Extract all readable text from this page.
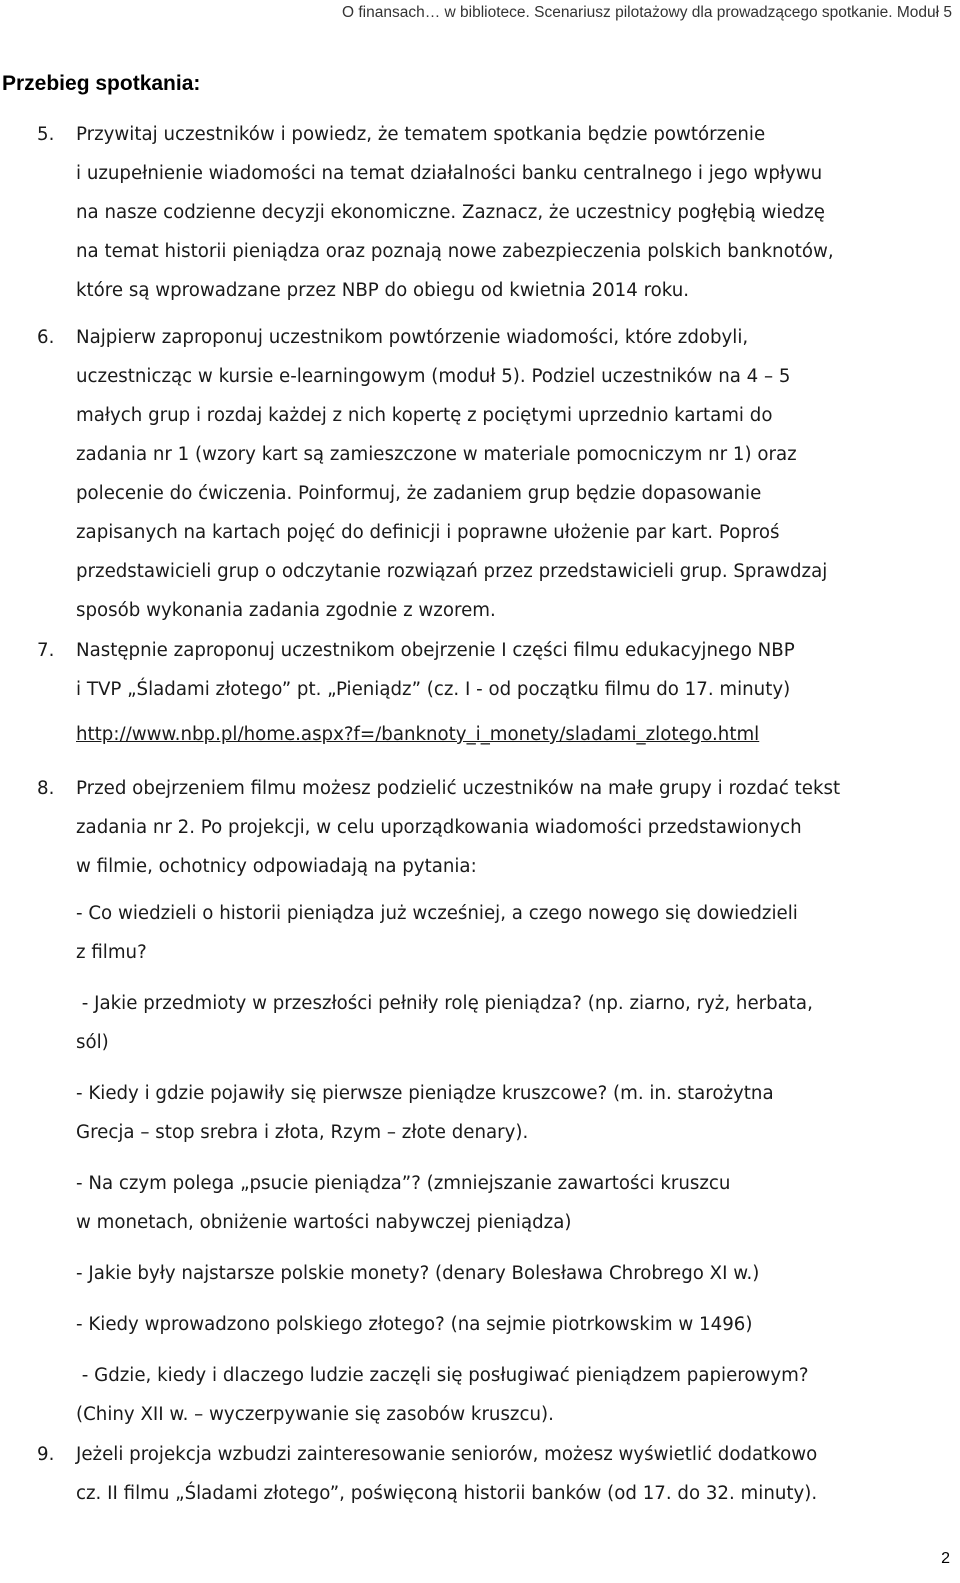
O finansach… w bibliotece. Scenariusz pilotażowy dla prowadzącego spotkanie. Moduł 5
Przebieg spotkania:
5. Przywitaj uczestników i powiedz, że tematem spotkania będzie powtórzenie

i uzupełnienie wiadomości na temat działalności banku centralnego i jego wpływu

na nasze codzienne decyzji ekonomiczne. Zaznacz, że uczestnicy pogłębią wiedzę

na temat historii pieniądza oraz poznają nowe zabezpieczenia polskich banknotów,

które są wprowadzane przez NBP do obiegu od kwietnia 2014 roku.

6. Najpierw zaproponuj uczestnikom powtórzenie wiadomości, które zdobyli,

uczestnicząc w kursie e-learningowym (moduł 5). Podziel uczestników na 4 – 5

małych grup i rozdaj każdej z nich kopertę z pociętymi uprzednio kartami do

zadania nr 1 (wzory kart są zamieszczone w materiale pomocniczym nr 1) oraz

polecenie do ćwiczenia. Poinformuj, że zadaniem grup będzie dopasowanie

zapisanych na kartach pojęć do definicji i poprawne ułożenie par kart. Poproś

przedstawicieli grup o odczytanie rozwiązań przez przedstawicieli grup. Sprawdzaj

sposób wykonania zadania zgodnie z wzorem.

7. Następnie zaproponuj uczestnikom obejrzenie I części filmu edukacyjnego NBP

i TVP „Śladami złotego” pt. „Pieniądz” (cz. I - od początku filmu do 17. minuty)

http://www.nbp.pl/home.aspx?f=/banknoty_i_monety/sladami_zlotego.html

8. Przed obejrzeniem filmu możesz podzielić uczestników na małe grupy i rozdać tekst

zadania nr 2. Po projekcji, w celu uporządkowania wiadomości przedstawionych

w filmie, ochotnicy odpowiadają na pytania:

- Co wiedzieli o historii pieniądza już wcześniej, a czego nowego się dowiedzieli

z filmu?

- Jakie przedmioty w przeszłości pełniły rolę pieniądza? (np. ziarno, ryż, herbata,

sól)

- Kiedy i gdzie pojawiły się pierwsze pieniądze kruszcowe? (m. in. starożytna

Grecja – stop srebra i złota, Rzym – złote denary).

- Na czym polega „psucie pieniądza”? (zmniejszanie zawartości kruszcu

w monetach, obniżenie wartości nabywczej pieniądza)

- Jakie były najstarsze polskie monety? (denary Bolesława Chrobrego XI w.)

- Kiedy wprowadzono polskiego złotego? (na sejmie piotrkowskim w 1496)

- Gdzie, kiedy i dlaczego ludzie zaczęli się posługiwać pieniądzem papierowym?

(Chiny XII w. – wyczerpywanie się zasobów kruszcu).

9. Jeżeli projekcja wzbudzi zainteresowanie seniorów, możesz wyświetlić dodatkowo

cz. II filmu „Śladami złotego”, poświęconą historii banków (od 17. do 32. minuty).

2
